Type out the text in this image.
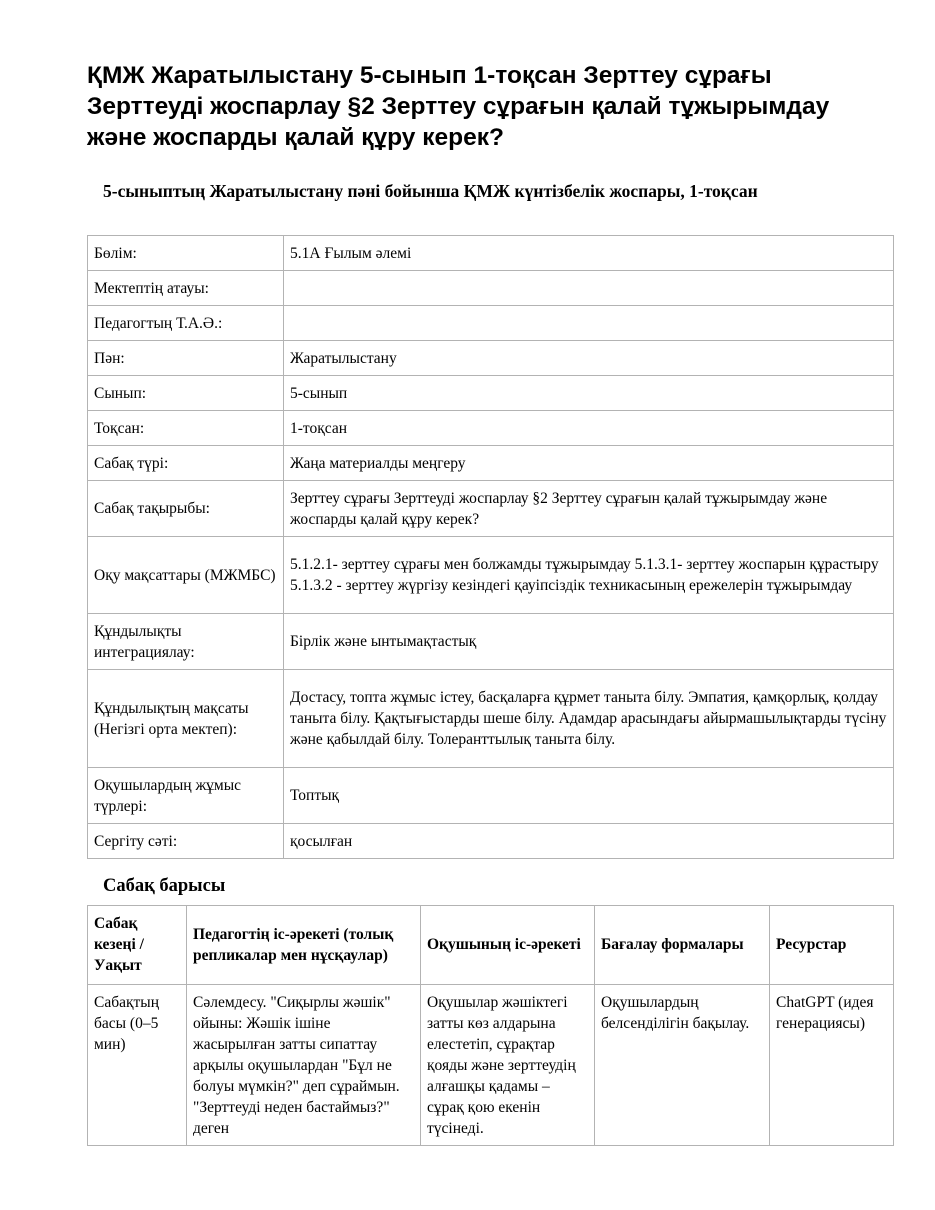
ҚМЖ Жаратылыстану 5-сынып 1-тоқсан Зерттеу сұрағы Зерттеуді жоспарлау §2 Зерттеу сұрағын қалай тұжырымдау және жоспарды қалай құру керек?
5-сыныптың Жаратылыстану пәні бойынша ҚМЖ күнтізбелік жоспары, 1-тоқсан
Бөлім:	5.1А Ғылым әлемі
Мектептің атауы:	
Педагогтың Т.А.Ә.:	
Пән:	Жаратылыстану
Сынып:	5-сынып
Тоқсан:	1-тоқсан
Сабақ түрі:	Жаңа материалды меңгеру
Сабақ тақырыбы:	Зерттеу сұрағы Зерттеуді жоспарлау §2 Зерттеу сұрағын қалай тұжырымдау және жоспарды қалай құру керек?
Оқу мақсаттары (МЖМБС)	5.1.2.1- зерттеу сұрағы мен болжамды тұжырымдау 5.1.3.1- зерттеу жоспарын құрастыру 5.1.3.2 - зерттеу жүргізу кезіндегі қауіпсіздік техникасының ережелерін тұжырымдау
Құндылықты интеграциялау:	Бірлік және ынтымақтастық
Құндылықтың мақсаты (Негізгі орта мектеп):	Достасу, топта жұмыс істеу, басқаларға құрмет таныта білу. Эмпатия, қамқорлық, қолдау таныта білу. Қақтығыстарды шеше білу. Адамдар арасындағы айырмашылықтарды түсіну және қабылдай білу. Толеранттылық таныта білу.
Оқушылардың жұмыс түрлері:	Топтық
Сергіту сәті:	қосылған
Сабақ барысы
Сабақ кезеңі / Уақыт	Педагогтің іс-әрекеті (толық репликалар мен нұсқаулар)	Оқушының іс-әрекеті	Бағалау формалары	Ресурстар
Сабақтың басы (0–5 мин)	Сәлемдесу. "Сиқырлы жәшік" ойыны: Жәшік ішіне жасырылған затты сипаттау арқылы оқушылардан "Бұл не болуы мүмкін?" деп сұраймын. "Зерттеуді неден бастаймыз?" деген	Оқушылар жәшіктегі затты көз алдарына елестетіп, сұрақтар қояды және зерттеудің алғашқы қадамы – сұрақ қою екенін түсінеді.	Оқушылардың белсенділігін бақылау.	ChatGPT (идея генерациясы)
